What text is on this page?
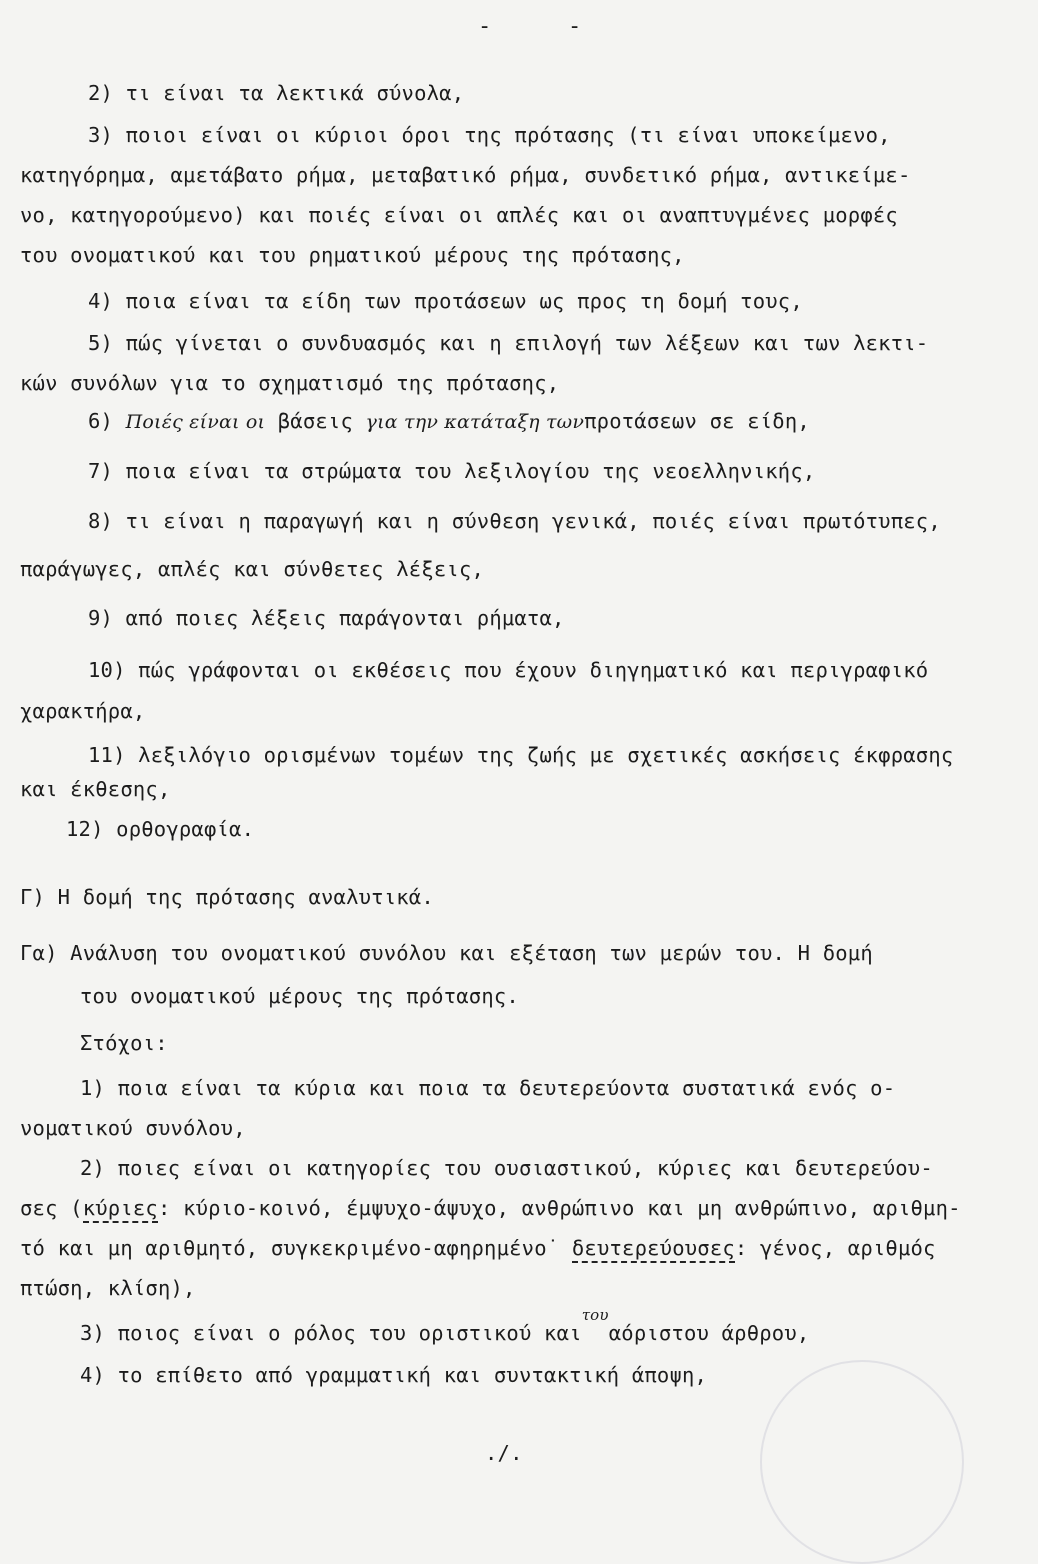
-	-
2) τι είναι τα λεκτικά σύνολα,
3) ποιοι είναι οι κύριοι όροι της πρότασης (τι είναι υποκείμενο,
κατηγόρημα, αμετάβατο ρήμα, μεταβατικό ρήμα, συνδετικό ρήμα, αντικείμε-
νο, κατηγορούμενο) και ποιές είναι οι απλές και οι αναπτυγμένες μορφές
του ονοματικού και του ρηματικού μέρους της πρότασης,
4) ποια είναι τα είδη των προτάσεων ως προς τη δομή τους,
5) πώς γίνεται ο συνδυασμός και η επιλογή των λέξεων και των λεκτι-
κών συνόλων για το σχηματισμό της πρότασης,
6) Ποιές είναι οι βάσεις για την κατάταξη τωνπροτάσεων σε είδη,
7) ποια είναι τα στρώματα του λεξιλογίου της νεοελληνικής,
8) τι είναι η παραγωγή και η σύνθεση γενικά, ποιές είναι πρωτότυπες,
παράγωγες, απλές και σύνθετες λέξεις,
9) από ποιες λέξεις παράγονται ρήματα,
10) πώς γράφονται οι εκθέσεις που έχουν διηγηματικό και περιγραφικό
χαρακτήρα,
11) λεξιλόγιο ορισμένων τομέων της ζωής με σχετικές ασκήσεις έκφρασης
και έκθεσης,
12) ορθογραφία.
Γ) Η δομή της πρότασης αναλυτικά.
Γα) Ανάλυση του ονοματικού συνόλου και εξέταση των μερών του. Η δομή
του ονοματικού μέρους της πρότασης.
Στόχοι:
1) ποια είναι τα κύρια και ποια τα δευτερεύοντα συστατικά ενός ο-
νοματικού συνόλου,
2) ποιες είναι οι κατηγορίες του ουσιαστικού, κύριες και δευτερεύου-
σες (κύριες: κύριο-κοινό, έμψυχο-άψυχο, ανθρώπινο και μη ανθρώπινο, αριθμη-
τό και μη αριθμητό, συγκεκριμένο-αφηρημένο˙ δευτερεύουσες: γένος, αριθμός
πτώση, κλίση),
3) ποιος είναι ο ρόλος του οριστικού και$^{\tau o\upsilon}$αόριστου άρθρου,
4) το επίθετο από γραμματική και συντακτική άποψη,
./.
